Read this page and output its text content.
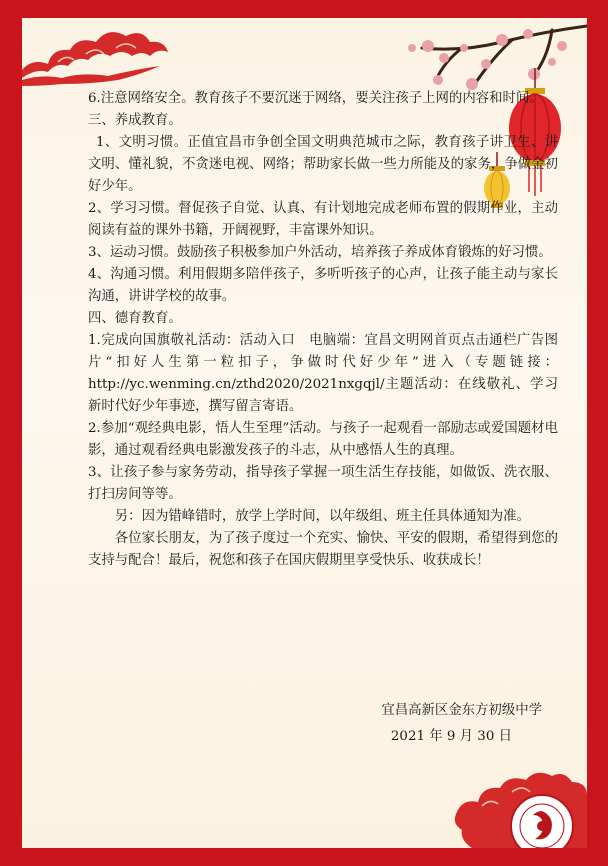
6.注意网络安全。教育孩子不要沉迷于网络，要关注孩子上网的内容和时间。

三、养成教育。

1、文明习惯。正值宜昌市争创全国文明典范城市之际，教育孩子讲卫生、讲文明、懂礼貌，不贪迷电视、网络；帮助家长做一些力所能及的家务，争做金初好少年。

2、学习习惯。督促孩子自觉、认真、有计划地完成老师布置的假期作业，主动阅读有益的课外书籍，开阔视野，丰富课外知识。

3、运动习惯。鼓励孩子积极参加户外活动，培养孩子养成体育锻炼的好习惯。

4、沟通习惯。利用假期多陪伴孩子，多听听孩子的心声，让孩子能主动与家长沟通，讲讲学校的故事。

四、德育教育。

1.完成向国旗敬礼活动：活动入口　电脑端：宜昌文明网首页点击通栏广告图片“扣好人生第一粒扣子，争做时代好少年”进入（专题链接：http://yc.wenming.cn/zthd2020/2021nxgqjl/主题活动：在线敬礼、学习新时代好少年事迹，撰写留言寄语。

2.参加“观经典电影，悟人生至理”活动。与孩子一起观看一部励志或爱国题材电影，通过观看经典电影激发孩子的斗志，从中感悟人生的真理。

3、让孩子参与家务劳动，指导孩子掌握一项生活生存技能，如做饭、洗衣服、打扫房间等等。

另：因为错峰错时，放学上学时间，以年级组、班主任具体通知为准。

各位家长朋友，为了孩子度过一个充实、愉快、平安的假期，希望得到您的支持与配合！最后，祝您和孩子在国庆假期里享受快乐、收获成长！

宜昌高新区金东方初级中学
2021 年 9 月 30 日
